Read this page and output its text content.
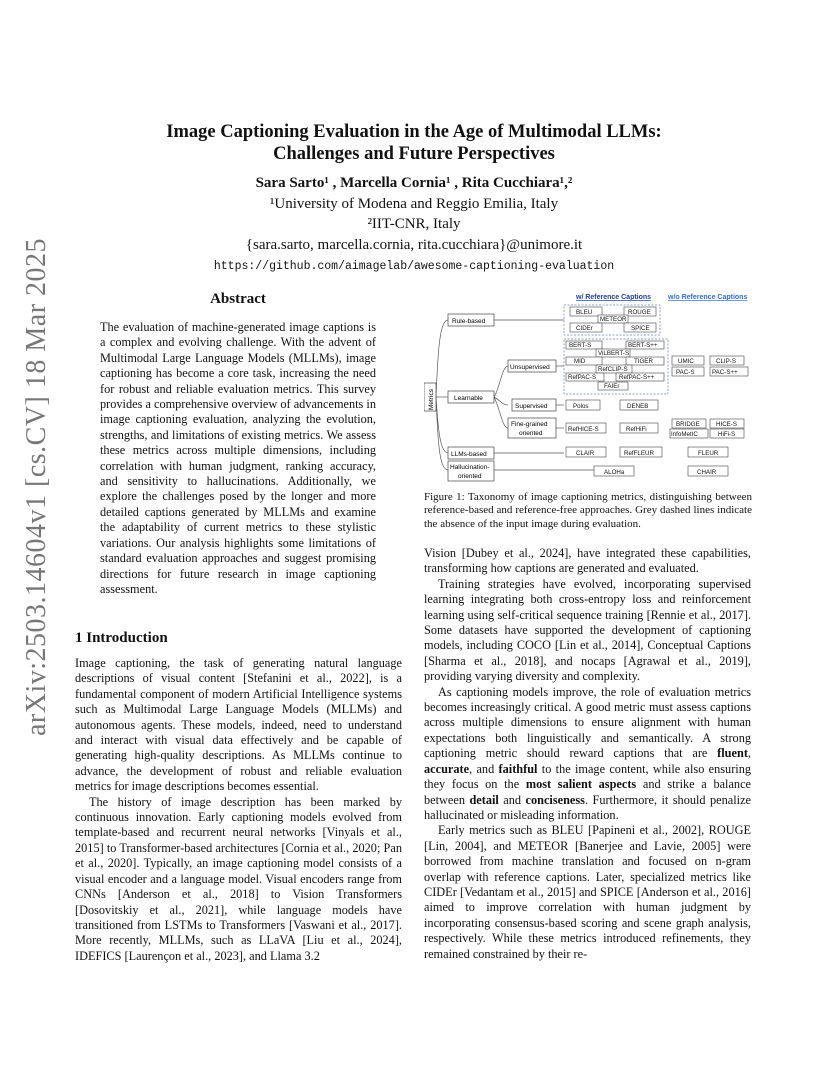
arXiv:2503.14604v1 [cs.CV] 18 Mar 2025
Image Captioning Evaluation in the Age of Multimodal LLMs:
Challenges and Future Perspectives
Sara Sarto¹ , Marcella Cornia¹ , Rita Cucchiara¹,²
¹University of Modena and Reggio Emilia, Italy
²IIT-CNR, Italy
{sara.sarto, marcella.cornia, rita.cucchiara}@unimore.it
https://github.com/aimagelab/awesome-captioning-evaluation
Abstract
The evaluation of machine-generated image captions is a complex and evolving challenge. With the advent of Multimodal Large Language Models (MLLMs), image captioning has become a core task, increasing the need for robust and reliable evaluation metrics. This survey provides a comprehensive overview of advancements in image captioning evaluation, analyzing the evolution, strengths, and limitations of existing metrics. We assess these metrics across multiple dimensions, including correlation with human judgment, ranking accuracy, and sensitivity to hallucinations. Additionally, we explore the challenges posed by the longer and more detailed captions generated by MLLMs and examine the adaptability of current metrics to these stylistic variations. Our analysis highlights some limitations of standard evaluation approaches and suggest promising directions for future research in image captioning assessment.
1 Introduction

Image captioning, the task of generating natural language descriptions of visual content [Stefanini et al., 2022], is a fundamental component of modern Artificial Intelligence systems such as Multimodal Large Language Models (MLLMs) and autonomous agents. These models, indeed, need to understand and interact with visual data effectively and be capable of generating high-quality descriptions. As MLLMs continue to advance, the development of robust and reliable evaluation metrics for image descriptions becomes essential.

The history of image description has been marked by continuous innovation. Early captioning models evolved from template-based and recurrent neural networks [Vinyals et al., 2015] to Transformer-based architectures [Cornia et al., 2020; Pan et al., 2020]. Typically, an image captioning model consists of a visual encoder and a language model. Visual encoders range from CNNs [Anderson et al., 2018] to Vision Transformers [Dosovitskiy et al., 2021], while language models have transitioned from LSTMs to Transformers [Vaswani et al., 2017]. More recently, MLLMs, such as LLaVA [Liu et al., 2024], IDEFICS [Laurençon et al., 2023], and Llama 3.2

w/ Reference Captions w/o Reference Captions
Metrics
Rule-based
Learnable
LLMs-based
Hallucination-
oriented
Unsupervised
Supervised
Fine-grained
oriented
BLEU	ROUGE
METEOR
CIDEr	SPICE
BERT-S	BERT-S++
ViLBERT-S
MID	TIGER
RefCLIP-S
RefPAC-S	RefPAC-S++
FAIEr
UMIC	CLIP-S
PAC-S	PAC-S++
Polos	DENEB
RefHICE-S	RefHiFi
BRIDGE	HICE-S
InfoMetIC	HiFi-S
CLAIR	RefFLEUR	FLEUR
ALOHa	CHAIR
Figure 1: Taxonomy of image captioning metrics, distinguishing between reference-based and reference-free approaches. Grey dashed lines indicate the absence of the input image during evaluation.

Vision [Dubey et al., 2024], have integrated these capabilities, transforming how captions are generated and evaluated.

Training strategies have evolved, incorporating supervised learning integrating both cross-entropy loss and reinforcement learning using self-critical sequence training [Rennie et al., 2017]. Some datasets have supported the development of captioning models, including COCO [Lin et al., 2014], Conceptual Captions [Sharma et al., 2018], and nocaps [Agrawal et al., 2019], providing varying diversity and complexity.

As captioning models improve, the role of evaluation metrics becomes increasingly critical. A good metric must assess captions across multiple dimensions to ensure alignment with human expectations both linguistically and semantically. A strong captioning metric should reward captions that are fluent, accurate, and faithful to the image content, while also ensuring they focus on the most salient aspects and strike a balance between detail and conciseness. Furthermore, it should penalize hallucinated or misleading information.

Early metrics such as BLEU [Papineni et al., 2002], ROUGE [Lin, 2004], and METEOR [Banerjee and Lavie, 2005] were borrowed from machine translation and focused on n-gram overlap with reference captions. Later, specialized metrics like CIDEr [Vedantam et al., 2015] and SPICE [Anderson et al., 2016] aimed to improve correlation with human judgment by incorporating consensus-based scoring and scene graph analysis, respectively. While these metrics introduced refinements, they remained constrained by their re-
